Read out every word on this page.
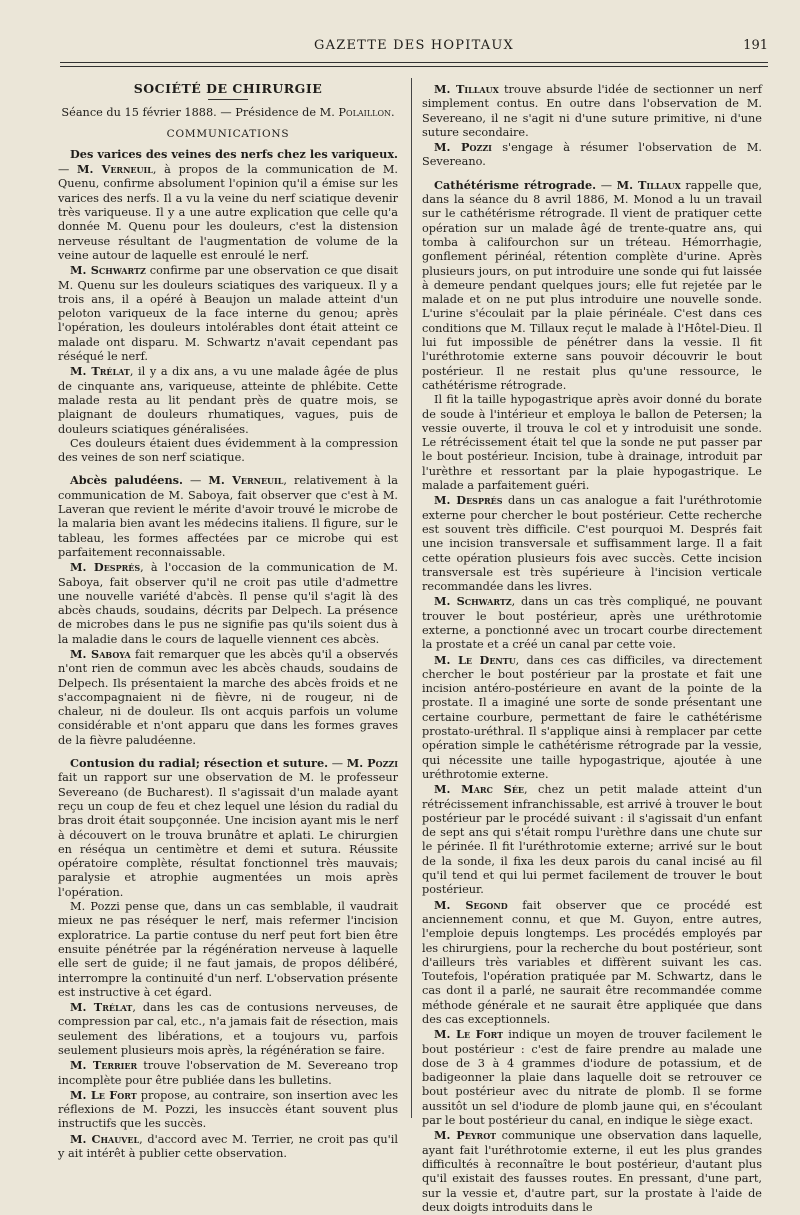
GAZETTE DES HOPITAUX	191
SOCIÉTÉ DE CHIRURGIE
Séance du 15 février 1888. — Présidence de M. Polaillon.
COMMUNICATIONS

Des varices des veines des nerfs chez les variqueux. — M. Verneuil, à propos de la communication de M. Quenu, confirme absolument l'opinion qu'il a émise sur les varices des nerfs. Il a vu la veine du nerf sciatique devenir très variqueuse. Il y a une autre explication que celle qu'a donnée M. Quenu pour les douleurs, c'est la distension nerveuse résultant de l'augmentation de volume de la veine autour de laquelle est enroulé le nerf.

M. Schwartz confirme par une observation ce que disait M. Quenu sur les douleurs sciatiques des variqueux. Il y a trois ans, il a opéré à Beaujon un malade atteint d'un peloton variqueux de la face interne du genou; après l'opération, les douleurs intolérables dont était atteint ce malade ont disparu. M. Schwartz n'avait cependant pas réséqué le nerf.

M. Trélat, il y a dix ans, a vu une malade âgée de plus de cinquante ans, variqueuse, atteinte de phlébite. Cette malade resta au lit pendant près de quatre mois, se plaignant de douleurs rhumatiques, vagues, puis de douleurs sciatiques généralisées.

Ces douleurs étaient dues évidemment à la compression des veines de son nerf sciatique.

Abcès paludéens. — M. Verneuil, relativement à la communication de M. Saboya, fait observer que c'est à M. Laveran que revient le mérite d'avoir trouvé le microbe de la malaria bien avant les médecins italiens. Il figure, sur le tableau, les formes affectées par ce microbe qui est parfaitement reconnaissable.

M. Després, à l'occasion de la communication de M. Saboya, fait observer qu'il ne croit pas utile d'admettre une nouvelle variété d'abcès. Il pense qu'il s'agit là des abcès chauds, soudains, décrits par Delpech. La présence de microbes dans le pus ne signifie pas qu'ils soient dus à la maladie dans le cours de laquelle viennent ces abcès.

M. Saboya fait remarquer que les abcès qu'il a observés n'ont rien de commun avec les abcès chauds, soudains de Delpech. Ils présentaient la marche des abcès froids et ne s'accompagnaient ni de fièvre, ni de rougeur, ni de chaleur, ni de douleur. Ils ont acquis parfois un volume considérable et n'ont apparu que dans les formes graves de la fièvre paludéenne.

Contusion du radial; résection et suture. — M. Pozzi fait un rapport sur une observation de M. le professeur Severeano (de Bucharest). Il s'agissait d'un malade ayant reçu un coup de feu et chez lequel une lésion du radial du bras droit était soupçonnée. Une incision ayant mis le nerf à découvert on le trouva brunâtre et aplati. Le chirurgien en réséqua un centimètre et demi et sutura. Réussite opératoire complète, résultat fonctionnel très mauvais; paralysie et atrophie augmentées un mois après l'opération.

M. Pozzi pense que, dans un cas semblable, il vaudrait mieux ne pas réséquer le nerf, mais refermer l'incision exploratrice. La partie contuse du nerf peut fort bien être ensuite pénétrée par la régénération nerveuse à laquelle elle sert de guide; il ne faut jamais, de propos délibéré, interrompre la continuité d'un nerf. L'observation présente est instructive à cet égard.

M. Trélat, dans les cas de contusions nerveuses, de compression par cal, etc., n'a jamais fait de résection, mais seulement des libérations, et a toujours vu, parfois seulement plusieurs mois après, la régénération se faire.

M. Terrier trouve l'observation de M. Severeano trop incomplète pour être publiée dans les bulletins.

M. Le Fort propose, au contraire, son insertion avec les réflexions de M. Pozzi, les insuccès étant souvent plus instructifs que les succès.

M. Chauvel, d'accord avec M. Terrier, ne croit pas qu'il y ait intérêt à publier cette observation.

M. Tillaux trouve absurde l'idée de sectionner un nerf simplement contus. En outre dans l'observation de M. Severeano, il ne s'agit ni d'une suture primitive, ni d'une suture secondaire.

M. Pozzi s'engage à résumer l'observation de M. Severeano.

Cathétérisme rétrograde. — M. Tillaux rappelle que, dans la séance du 8 avril 1886, M. Monod a lu un travail sur le cathétérisme rétrograde. Il vient de pratiquer cette opération sur un malade âgé de trente-quatre ans, qui tomba à califourchon sur un tréteau. Hémorrhagie, gonflement périnéal, rétention complète d'urine. Après plusieurs jours, on put introduire une sonde qui fut laissée à demeure pendant quelques jours; elle fut rejetée par le malade et on ne put plus introduire une nouvelle sonde. L'urine s'écoulait par la plaie périnéale. C'est dans ces conditions que M. Tillaux reçut le malade à l'Hôtel-Dieu. Il lui fut impossible de pénétrer dans la vessie. Il fit l'uréthrotomie externe sans pouvoir découvrir le bout postérieur. Il ne restait plus qu'une ressource, le cathétérisme rétrograde.

Il fit la taille hypogastrique après avoir donné du borate de soude à l'intérieur et employa le ballon de Petersen; la vessie ouverte, il trouva le col et y introduisit une sonde. Le rétrécissement était tel que la sonde ne put passer par le bout postérieur. Incision, tube à drainage, introduit par l'urèthre et ressortant par la plaie hypogastrique. Le malade a parfaitement guéri.

M. Després dans un cas analogue a fait l'uréthrotomie externe pour chercher le bout postérieur. Cette recherche est souvent très difficile. C'est pourquoi M. Després fait une incision transversale et suffisamment large. Il a fait cette opération plusieurs fois avec succès. Cette incision transversale est très supérieure à l'incision verticale recommandée dans les livres.

M. Schwartz, dans un cas très compliqué, ne pouvant trouver le bout postérieur, après une uréthrotomie externe, a ponctionné avec un trocart courbe directement la prostate et a créé un canal par cette voie.

M. Le Dentu, dans ces cas difficiles, va directement chercher le bout postérieur par la prostate et fait une incision antéro-postérieure en avant de la pointe de la prostate. Il a imaginé une sorte de sonde présentant une certaine courbure, permettant de faire le cathétérisme prostato-uréthral. Il s'applique ainsi à remplacer par cette opération simple le cathétérisme rétrograde par la vessie, qui nécessite une taille hypogastrique, ajoutée à une uréthrotomie externe.

M. Marc Sée, chez un petit malade atteint d'un rétrécissement infranchissable, est arrivé à trouver le bout postérieur par le procédé suivant : il s'agissait d'un enfant de sept ans qui s'était rompu l'urèthre dans une chute sur le périnée. Il fit l'uréthrotomie externe; arrivé sur le bout de la sonde, il fixa les deux parois du canal incisé au fil qu'il tend et qui lui permet facilement de trouver le bout postérieur.

M. Segond fait observer que ce procédé est anciennement connu, et que M. Guyon, entre autres, l'emploie depuis longtemps. Les procédés employés par les chirurgiens, pour la recherche du bout postérieur, sont d'ailleurs très variables et diffèrent suivant les cas. Toutefois, l'opération pratiquée par M. Schwartz, dans le cas dont il a parlé, ne saurait être recommandée comme méthode générale et ne saurait être appliquée que dans des cas exceptionnels.

M. Le Fort indique un moyen de trouver facilement le bout postérieur : c'est de faire prendre au malade une dose de 3 à 4 grammes d'iodure de potassium, et de badigeonner la plaie dans laquelle doit se retrouver ce bout postérieur avec du nitrate de plomb. Il se forme aussitôt un sel d'iodure de plomb jaune qui, en s'écoulant par le bout postérieur du canal, en indique le siège exact.

M. Peyrot communique une observation dans laquelle, ayant fait l'uréthrotomie externe, il eut les plus grandes difficultés à reconnaître le bout postérieur, d'autant plus qu'il existait des fausses routes. En pressant, d'une part, sur la vessie et, d'autre part, sur la prostate à l'aide de deux doigts introduits dans le
